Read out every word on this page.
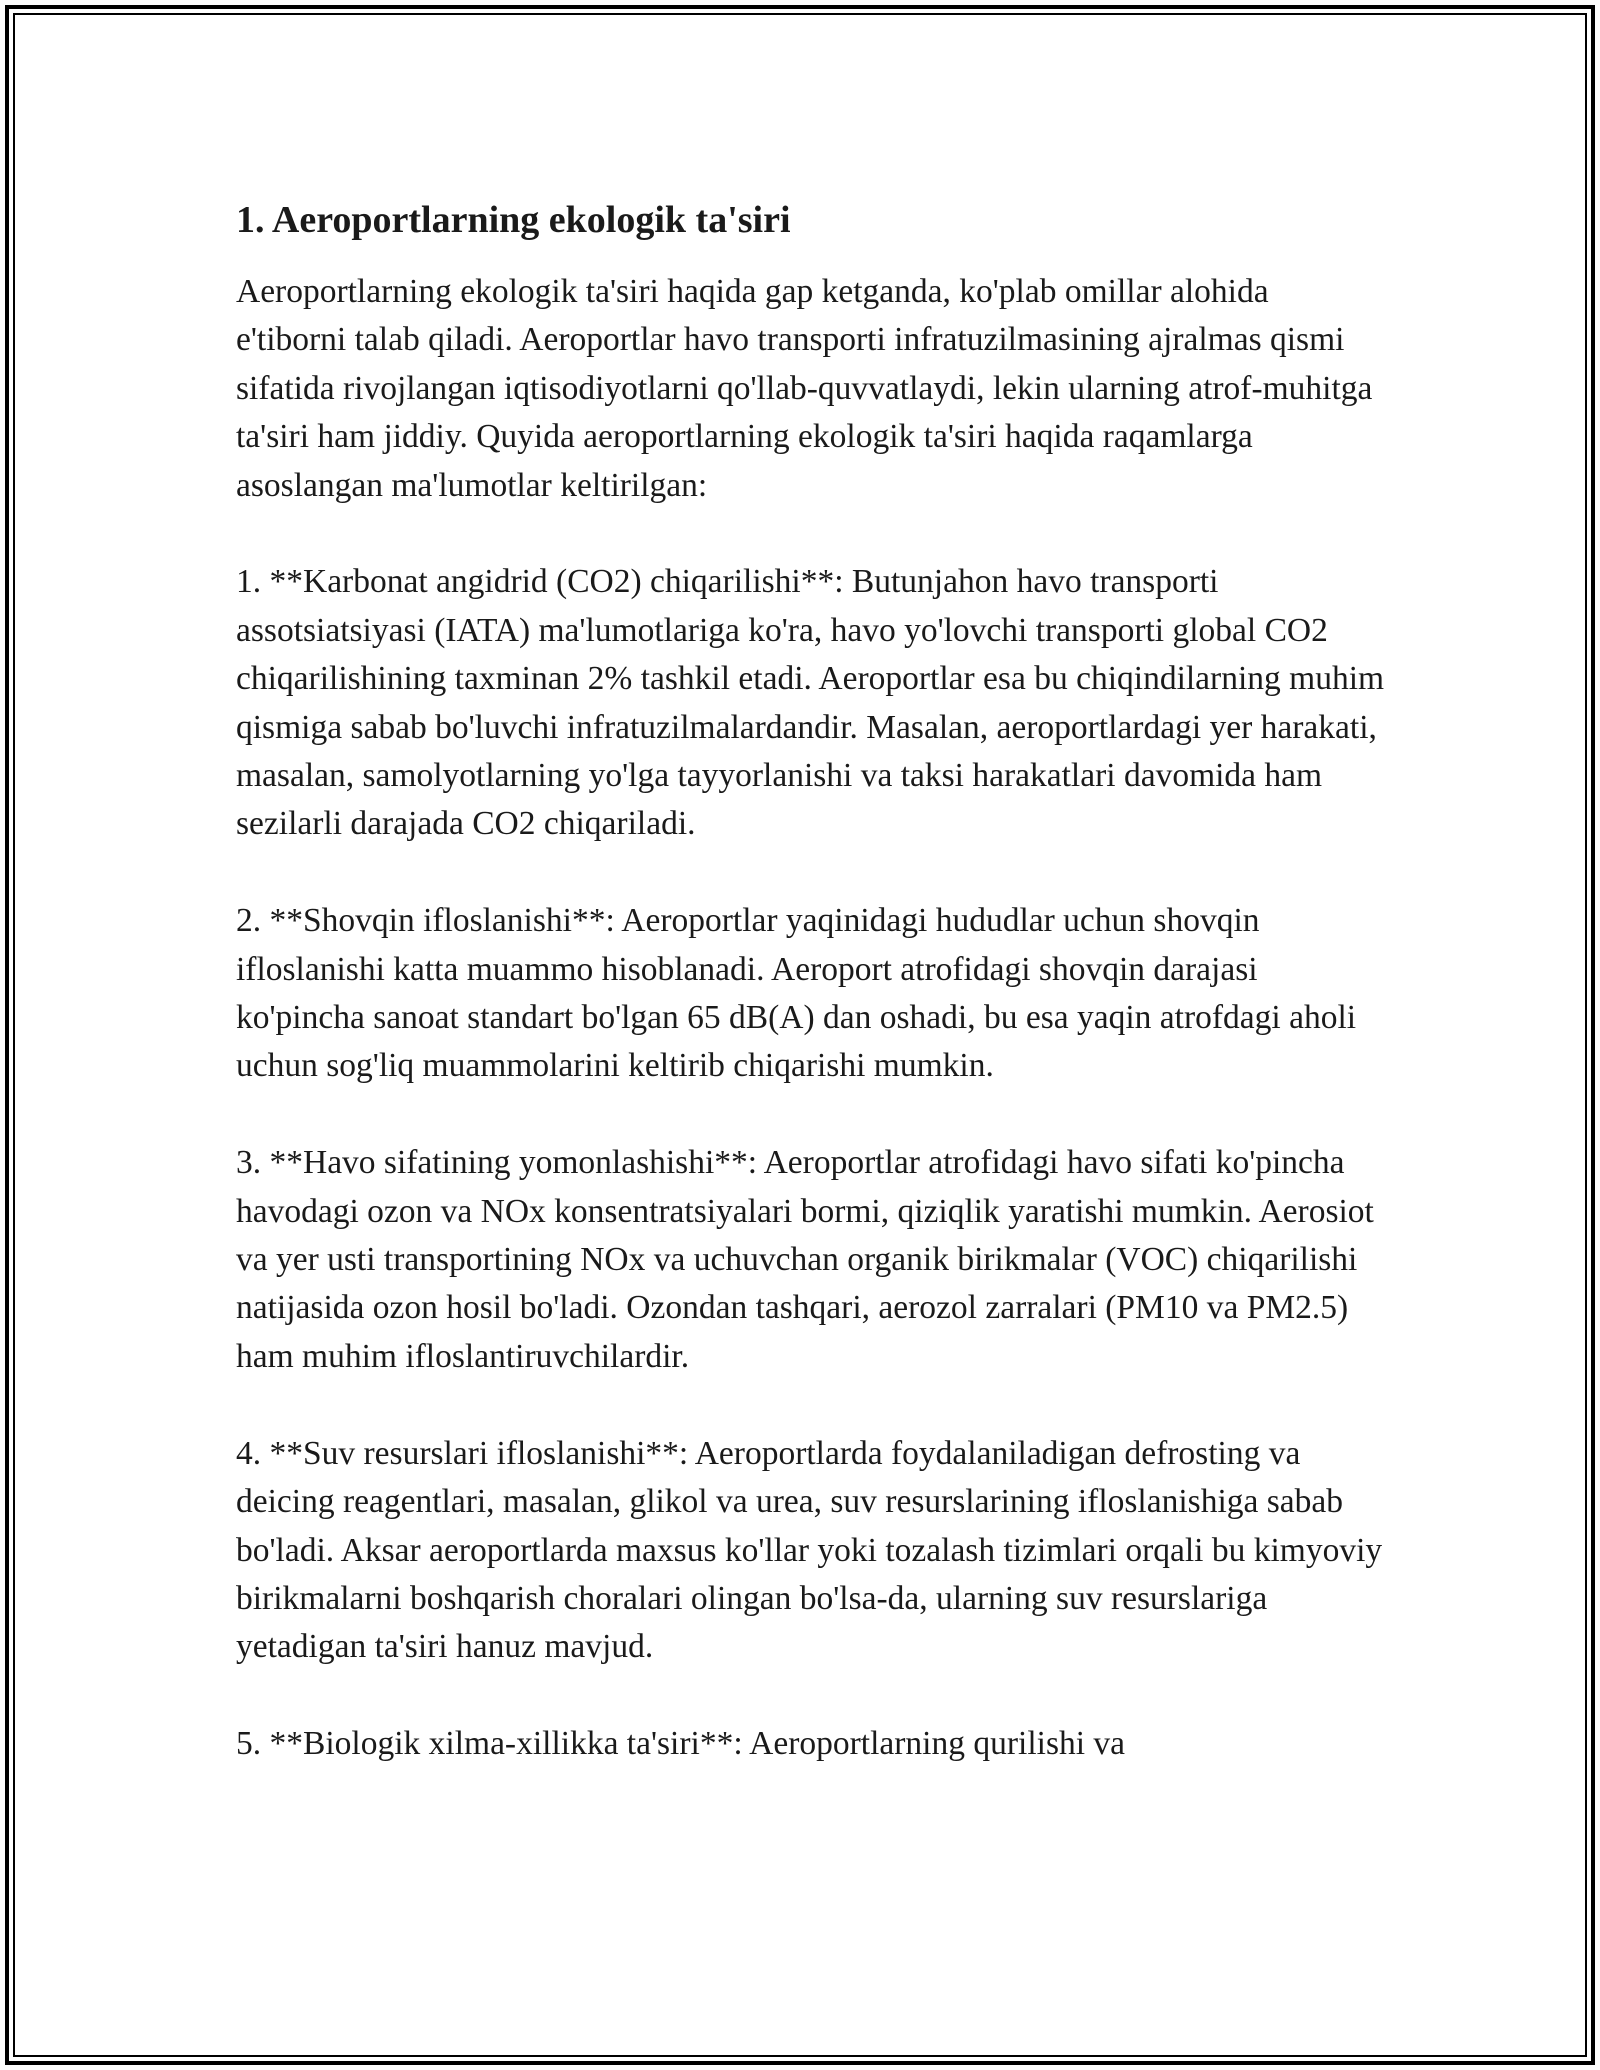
1. Aeroportlarning ekologik ta'siri

Aeroportlarning ekologik ta'siri haqida gap ketganda, ko'plab omillar alohida e'tiborni talab qiladi. Aeroportlar havo transporti infratuzilmasining ajralmas qismi sifatida rivojlangan iqtisodiyotlarni qo'llab-quvvatlaydi, lekin ularning atrof-muhitga ta'siri ham jiddiy. Quyida aeroportlarning ekologik ta'siri haqida raqamlarga asoslangan ma'lumotlar keltirilgan:

1. **Karbonat angidrid (CO2) chiqarilishi**: Butunjahon havo transporti assotsiatsiyasi (IATA) ma'lumotlariga ko'ra, havo yo'lovchi transporti global CO2 chiqarilishining taxminan 2% tashkil etadi. Aeroportlar esa bu chiqindilarning muhim qismiga sabab bo'luvchi infratuzilmalardandir. Masalan, aeroportlardagi yer harakati, masalan, samolyotlarning yo'lga tayyorlanishi va taksi harakatlari davomida ham sezilarli darajada CO2 chiqariladi.

2. **Shovqin ifloslanishi**: Aeroportlar yaqinidagi hududlar uchun shovqin ifloslanishi katta muammo hisoblanadi. Aeroport atrofidagi shovqin darajasi ko'pincha sanoat standart bo'lgan 65 dB(A) dan oshadi, bu esa yaqin atrofdagi aholi uchun sog'liq muammolarini keltirib chiqarishi mumkin.

3. **Havo sifatining yomonlashishi**: Aeroportlar atrofidagi havo sifati ko'pincha havodagi ozon va NOx konsentratsiyalari bormi, qiziqlik yaratishi mumkin. Aerosiot va yer usti transportining NOx va uchuvchan organik birikmalar (VOC) chiqarilishi natijasida ozon hosil bo'ladi. Ozondan tashqari, aerozol zarralari (PM10 va PM2.5) ham muhim ifloslantiruvchilardir.

4. **Suv resurslari ifloslanishi**: Aeroportlarda foydalaniladigan defrosting va deicing reagentlari, masalan, glikol va urea, suv resurslarining ifloslanishiga sabab bo'ladi. Aksar aeroportlarda maxsus ko'llar yoki tozalash tizimlari orqali bu kimyoviy birikmalarni boshqarish choralari olingan bo'lsa-da, ularning suv resurslariga yetadigan ta'siri hanuz mavjud.

5. **Biologik xilma-xillikka ta'siri**: Aeroportlarning qurilishi va
